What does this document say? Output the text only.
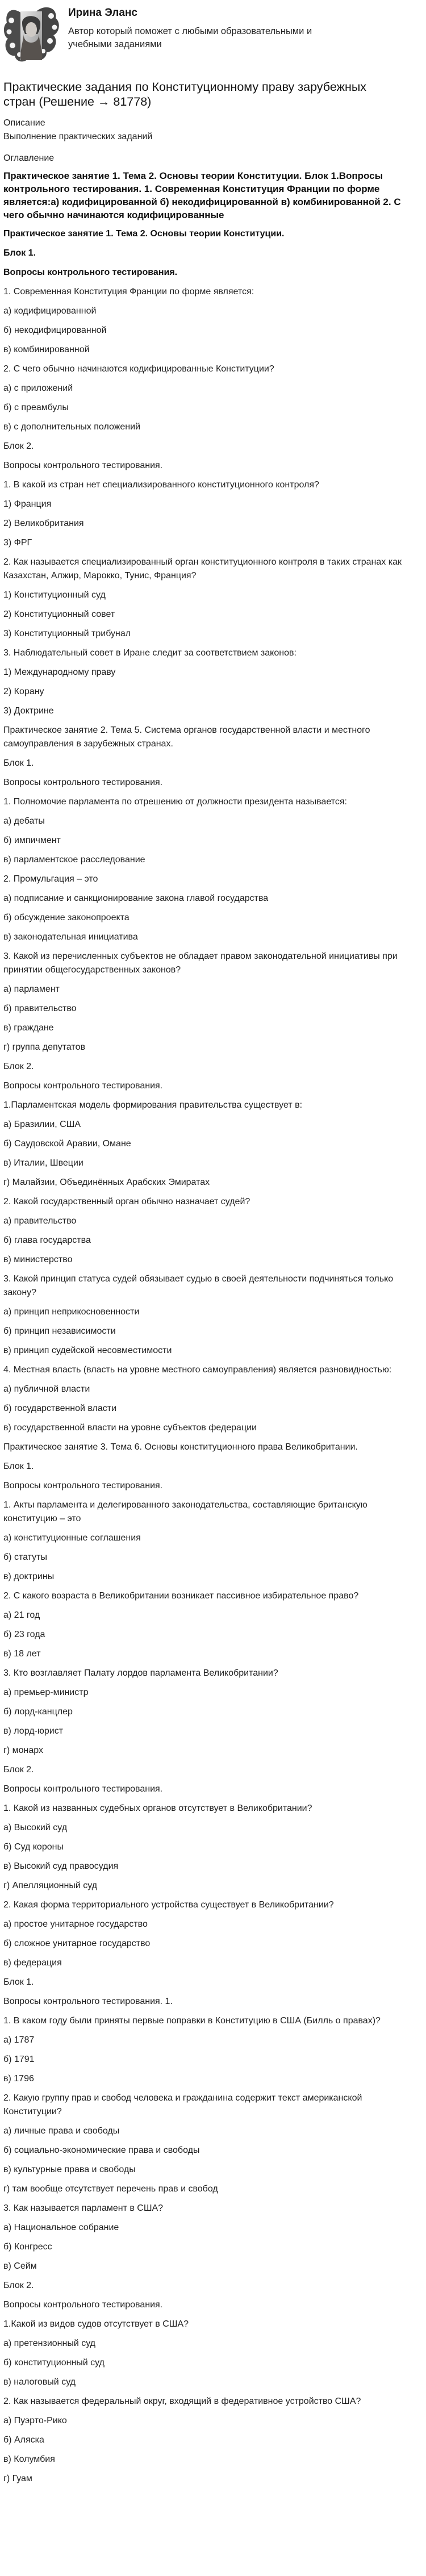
Ирина Эланс

Автор который поможет с любыми образовательными и учебными заданиями

Практические задания по Конституционному праву зарубежных стран (Решение → 81778)

Описание

Выполнение практических заданий

Оглавление

Практическое занятие 1. Тема 2. Основы теории Конституции. Блок 1.Вопросы контрольного тестирования. 1. Современная Конституция Франции по форме является:а) кодифицированной б) некодифицированной в) комбинированной 2. С чего обычно начинаются кодифицированные

Практическое занятие 1. Тема 2. Основы теории Конституции.

Блок 1.

Вопросы контрольного тестирования.

1. Современная Конституция Франции по форме является:

а) кодифицированной

б) некодифицированной

в) комбинированной

2. С чего обычно начинаются кодифицированные Конституции?

а) с приложений

б) с преамбулы

в) с дополнительных положений

Блок 2.

Вопросы контрольного тестирования.

1. В какой из стран нет специализированного конституционного контроля?

1) Франция

2) Великобритания

3) ФРГ

2. Как называется специализированный орган конституционного контроля в таких странах как Казахстан, Алжир, Марокко, Тунис, Франция?

1) Конституционный суд

2) Конституционный совет

3) Конституционный трибунал

3. Наблюдательный совет в Иране следит за соответствием законов:

1) Международному праву

2) Корану

3) Доктрине

Практическое занятие 2. Тема 5. Система органов государственной власти и местного самоуправления в зарубежных странах.

Блок 1.

Вопросы контрольного тестирования.

1. Полномочие парламента по отрешению от должности президента называется:

а) дебаты

б) импичмент

в) парламентское расследование

2. Промульгация – это

а) подписание и санкционирование закона главой государства

б) обсуждение законопроекта

в) законодательная инициатива

3. Какой из перечисленных субъектов не обладает правом законодательной инициативы при принятии общегосударственных законов?

а) парламент

б) правительство

в) граждане

г) группа депутатов

Блок 2.

Вопросы контрольного тестирования.

1.Парламентская модель формирования правительства существует в:

а) Бразилии, США

б) Саудовской Аравии, Омане

в) Италии, Швеции

г) Малайзии, Объединённых Арабских Эмиратах

2. Какой государственный орган обычно назначает судей?

а) правительство

б) глава государства

в) министерство

3. Какой принцип статуса судей обязывает судью в своей деятельности подчиняться только закону?

а) принцип неприкосновенности

б) принцип независимости

в) принцип судейской несовместимости

4. Местная власть (власть на уровне местного самоуправления) является разновидностью:

а) публичной власти

б) государственной власти

в) государственной власти на уровне субъектов федерации

Практическое занятие 3. Тема 6. Основы конституционного права Великобритании.

Блок 1.

Вопросы контрольного тестирования.

1. Акты парламента и делегированного законодательства, составляющие британскую конституцию – это

а) конституционные соглашения

б) статуты

в) доктрины

2. С какого возраста в Великобритании возникает пассивное избирательное право?

а) 21 год

б) 23 года

в) 18 лет

3. Кто возглавляет Палату лордов парламента Великобритании?

а) премьер-министр

б) лорд-канцлер

в) лорд-юрист

г) монарх

Блок 2.

Вопросы контрольного тестирования.

1. Какой из названных судебных органов отсутствует в Великобритании?

а) Высокий суд

б) Суд короны

в) Высокий суд правосудия

г) Апелляционный суд

2. Какая форма территориального устройства существует в Великобритании?

а) простое унитарное государство

б) сложное унитарное государство

в) федерация

Блок 1.

Вопросы контрольного тестирования. 1.

1. В каком году были приняты первые поправки в Конституцию в США (Билль о правах)?

а) 1787

б) 1791

в) 1796

2. Какую группу прав и свобод человека и гражданина содержит текст американской Конституции?

а) личные права и свободы

б) социально-экономические права и свободы

в) культурные права и свободы

г) там вообще отсутствует перечень прав и свобод

3. Как называется парламент в США?

а) Национальное собрание

б) Конгресс

в) Сейм

Блок 2.

Вопросы контрольного тестирования.

1.Какой из видов судов отсутствует в США?

а) претензионный суд

б) конституционный суд

в) налоговый суд

2. Как называется федеральный округ, входящий в федеративное устройство США?

а) Пуэрто-Рико

б) Аляска

в) Колумбия

г) Гуам
